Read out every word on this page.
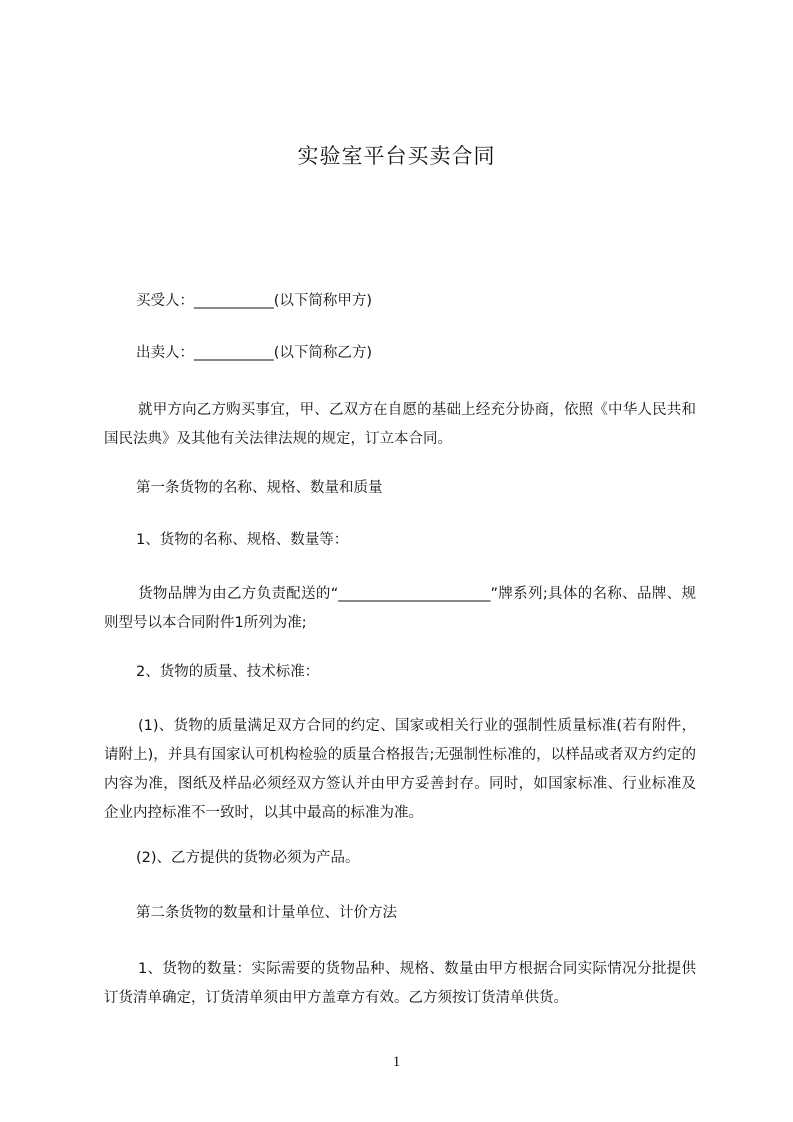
实验室平台买卖合同
买受人：___________(以下简称甲方)
出卖人：___________(以下简称乙方)
就甲方向乙方购买事宜，甲、乙双方在自愿的基础上经充分协商，依照《中华人民共和国民法典》及其他有关法律法规的规定，订立本合同。
第一条货物的名称、规格、数量和质量
1、货物的名称、规格、数量等：
货物品牌为由乙方负责配送的“_____________________”牌系列;具体的名称、品牌、规则型号以本合同附件1所列为准;
2、货物的质量、技术标准：
(1)、货物的质量满足双方合同的约定、国家或相关行业的强制性质量标准(若有附件，请附上)，并具有国家认可机构检验的质量合格报告;无强制性标准的，以样品或者双方约定的内容为准，图纸及样品必须经双方签认并由甲方妥善封存。同时，如国家标准、行业标准及企业内控标准不一致时，以其中最高的标准为准。
(2)、乙方提供的货物必须为产品。
第二条货物的数量和计量单位、计价方法
1、货物的数量：实际需要的货物品种、规格、数量由甲方根据合同实际情况分批提供订货清单确定，订货清单须由甲方盖章方有效。乙方须按订货清单供货。
1
